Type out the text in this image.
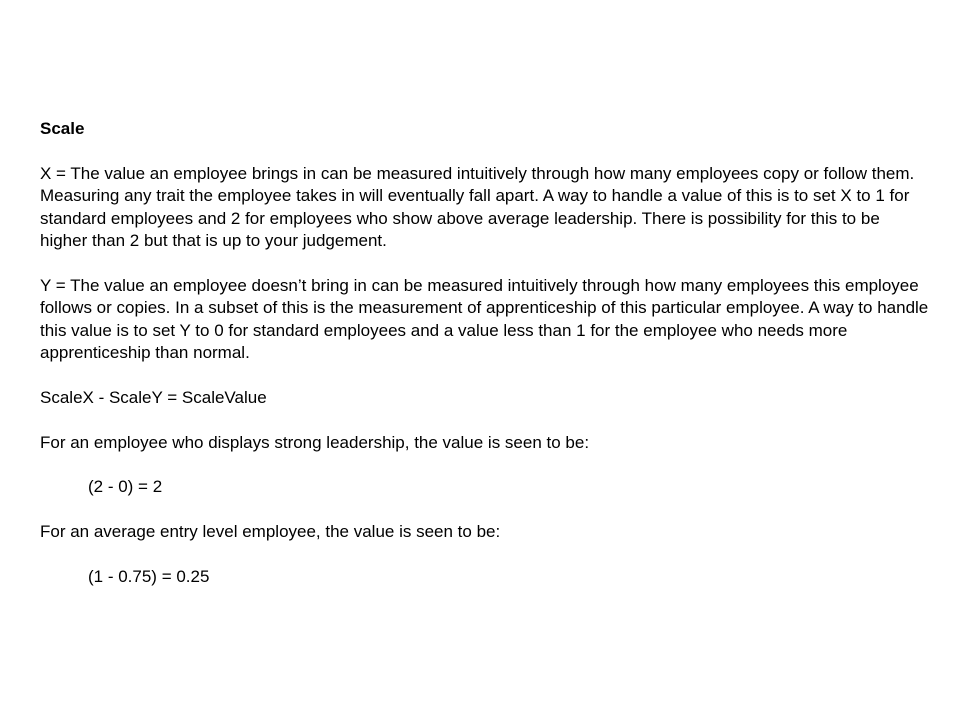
Scale

X = The value an employee brings in can be measured intuitively through how many employees copy or follow them. Measuring any trait the employee takes in will eventually fall apart. A way to handle a value of this is to set X to 1 for standard employees and 2 for employees who show above average leadership. There is possibility for this to be higher than 2 but that is up to your judgement.

Y = The value an employee doesn’t bring in can be measured intuitively through how many employees this employee follows or copies. In a subset of this is the measurement of apprenticeship of this particular employee. A way to handle this value is to set Y to 0 for standard employees and a value less than 1 for the employee who needs more apprenticeship than normal.

ScaleX - ScaleY = ScaleValue

For an employee who displays strong leadership, the value is seen to be:

(2 - 0) = 2

For an average entry level employee, the value is seen to be:

(1 - 0.75) = 0.25
